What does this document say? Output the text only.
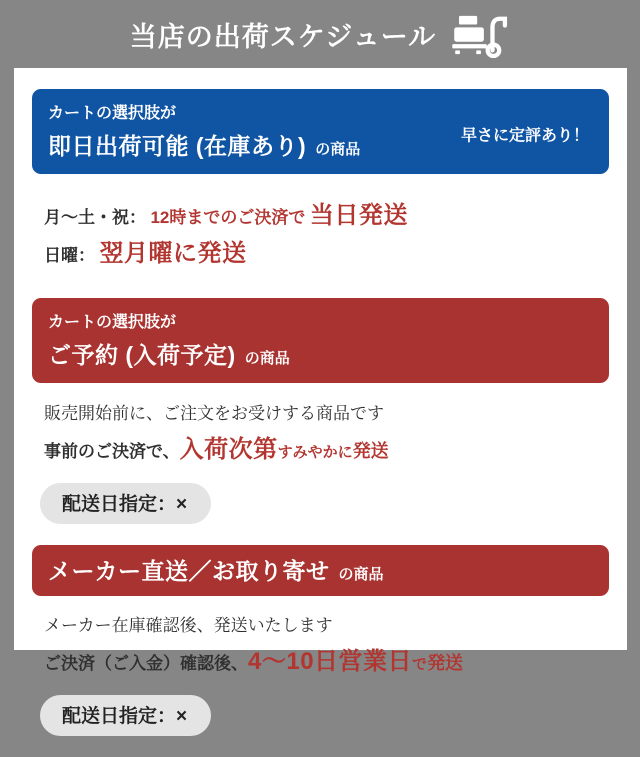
当店の出荷スケジュール
カートの選択肢が
即日出荷可能 (在庫あり) の商品
早さに定評あり！
月〜土・祝： 12時までのご決済で 当日発送
日曜： 翌月曜に発送
カートの選択肢が
ご予約 (入荷予定) の商品
販売開始前に、ご注文をお受けする商品です
事前のご決済で、入荷次第すみやかに発送
配送日指定：×
メーカー直送／お取り寄せ の商品
メーカー在庫確認後、発送いたします
ご決済（ご入金）確認後、4〜10日営業日で発送
配送日指定：×
